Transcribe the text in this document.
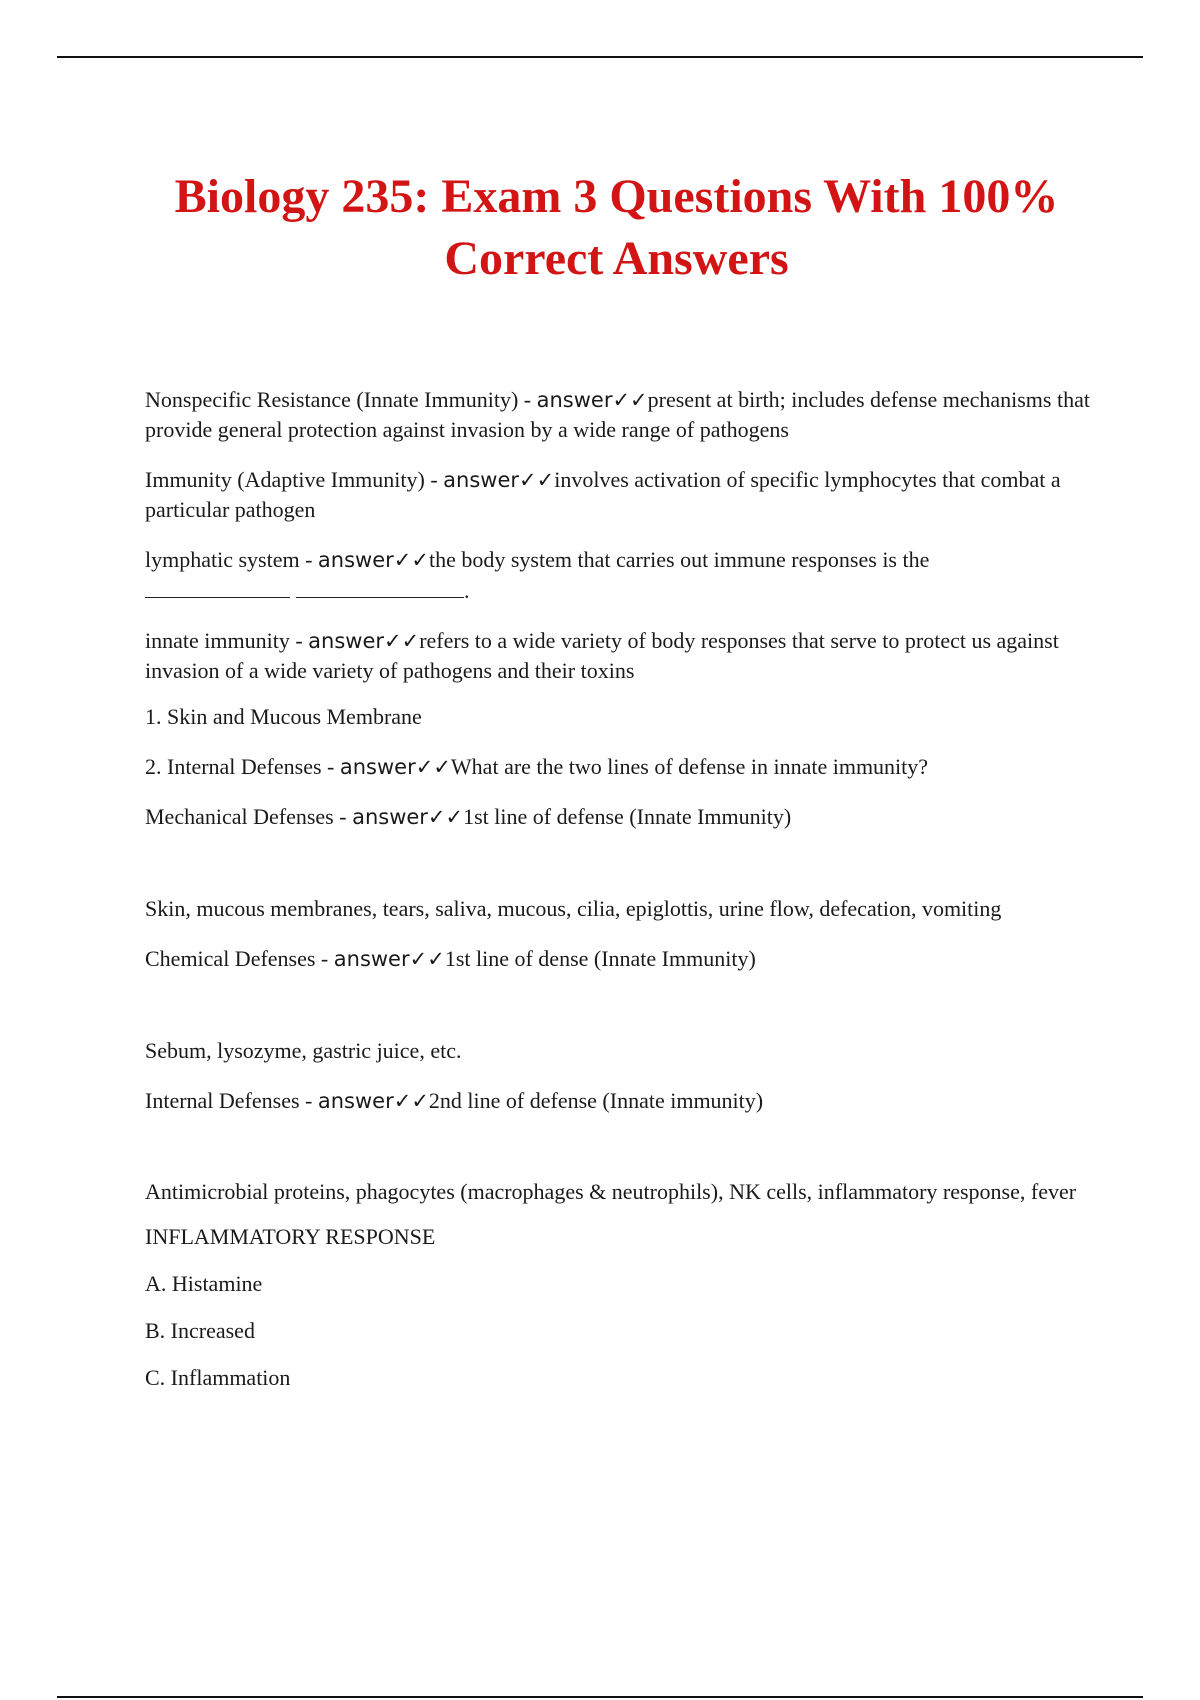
Biology 235: Exam 3 Questions With 100% Correct Answers

Nonspecific Resistance (Innate Immunity) - answer✓✓present at birth; includes defense mechanisms that provide general protection against invasion by a wide range of pathogens

Immunity (Adaptive Immunity) - answer✓✓involves activation of specific lymphocytes that combat a particular pathogen

lymphatic system - answer✓✓the body system that carries out immune responses is the
.

innate immunity - answer✓✓refers to a wide variety of body responses that serve to protect us against invasion of a wide variety of pathogens and their toxins

1. Skin and Mucous Membrane

2. Internal Defenses - answer✓✓What are the two lines of defense in innate immunity?

Mechanical Defenses - answer✓✓1st line of defense (Innate Immunity)

Skin, mucous membranes, tears, saliva, mucous, cilia, epiglottis, urine flow, defecation, vomiting

Chemical Defenses - answer✓✓1st line of dense (Innate Immunity)

Sebum, lysozyme, gastric juice, etc.

Internal Defenses - answer✓✓2nd line of defense (Innate immunity)

Antimicrobial proteins, phagocytes (macrophages & neutrophils), NK cells, inflammatory response, fever

INFLAMMATORY RESPONSE

A. Histamine

B. Increased

C. Inflammation
